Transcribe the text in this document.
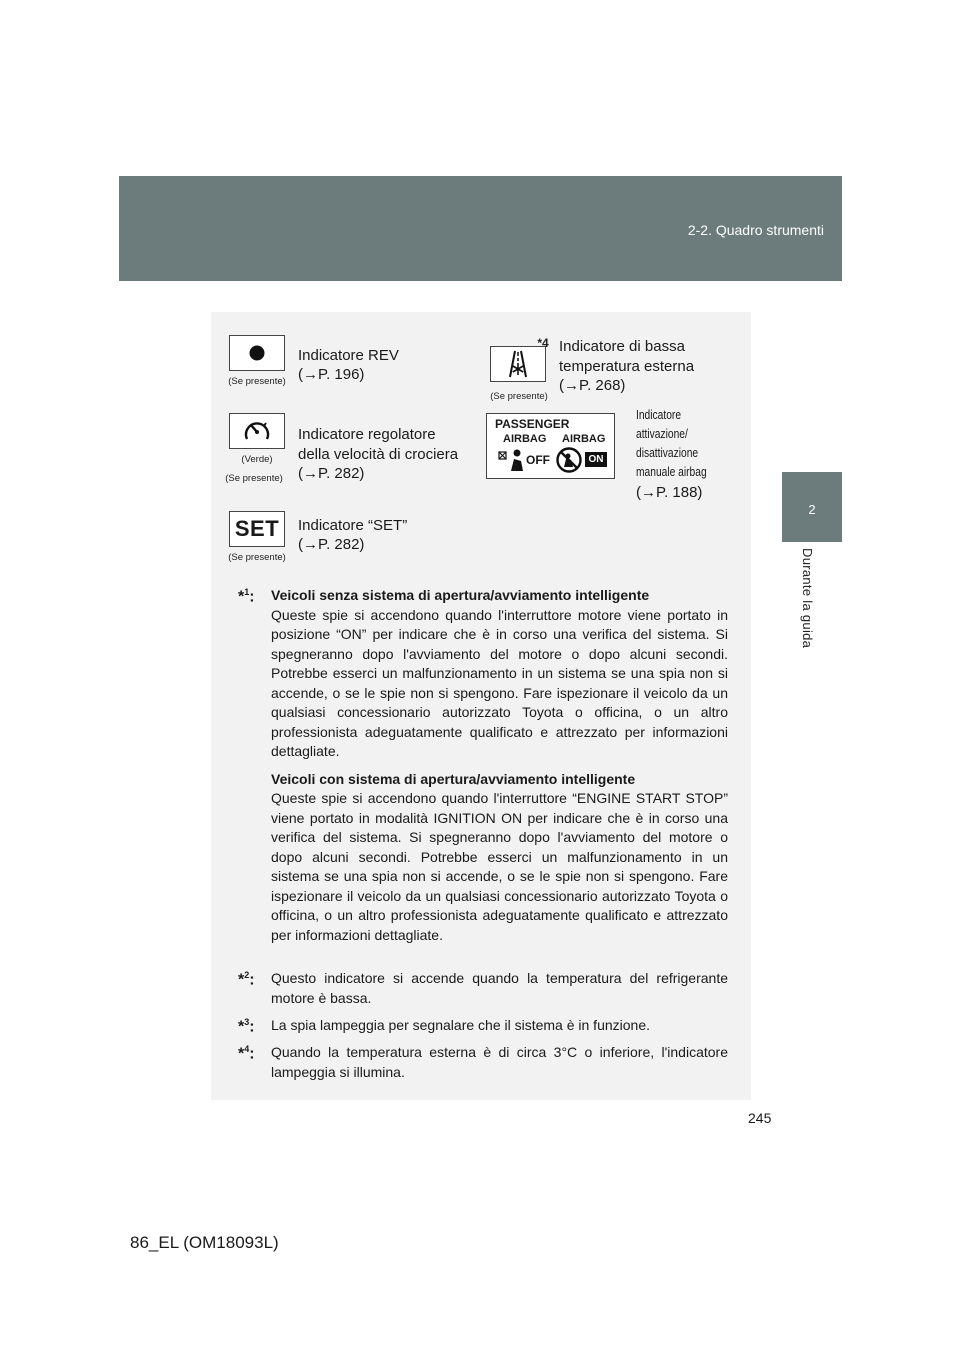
2-2. Quadro strumenti
2
Durante la guida
(Se presente)
Indicatore REV
(→P. 196)
(Verde)
(Se presente)
Indicatore regolatore
della velocità di crociera
(→P. 282)
SET
(Se presente)
Indicatore “SET”
(→P. 282)
(Se presente)
*4 Indicatore di bassa
temperatura esterna
(→P. 268)
PASSENGER
AIRBAG AIRBAG
2
OFF	ON
Indicatore
attivazione/
disattivazione
manuale airbag
(→P. 188)
*$^1$: Veicoli senza sistema di apertura/avviamento intelligente
Queste spie si accendono quando l'interruttore motore viene portato in posizione “ON” per indicare che è in corso una verifica del sistema. Si spegneranno dopo l'avviamento del motore o dopo alcuni secondi. Potrebbe esserci un malfunzionamento in un sistema se una spia non si accende, o se le spie non si spengono. Fare ispezionare il veicolo da un qualsiasi concessionario autorizzato Toyota o officina, o un altro professionista adeguatamente qualificato e attrezzato per informazioni dettagliate.
Veicoli con sistema di apertura/avviamento intelligente
Queste spie si accendono quando l'interruttore “ENGINE START STOP” viene portato in modalità IGNITION ON per indicare che è in corso una verifica del sistema. Si spegneranno dopo l'avviamento del motore o dopo alcuni secondi. Potrebbe esserci un malfunzionamento in un sistema se una spia non si accende, o se le spie non si spengono. Fare ispezionare il veicolo da un qualsiasi concessionario autorizzato Toyota o officina, o un altro professionista adeguatamente qualificato e attrezzato per informazioni dettagliate.
*$^2$: Questo indicatore si accende quando la temperatura del refrigerante motore è bassa.
*$^3$: La spia lampeggia per segnalare che il sistema è in funzione.
*$^4$: Quando la temperatura esterna è di circa 3°C o inferiore, l'indicatore lampeggia si illumina.
245
86_EL (OM18093L)
